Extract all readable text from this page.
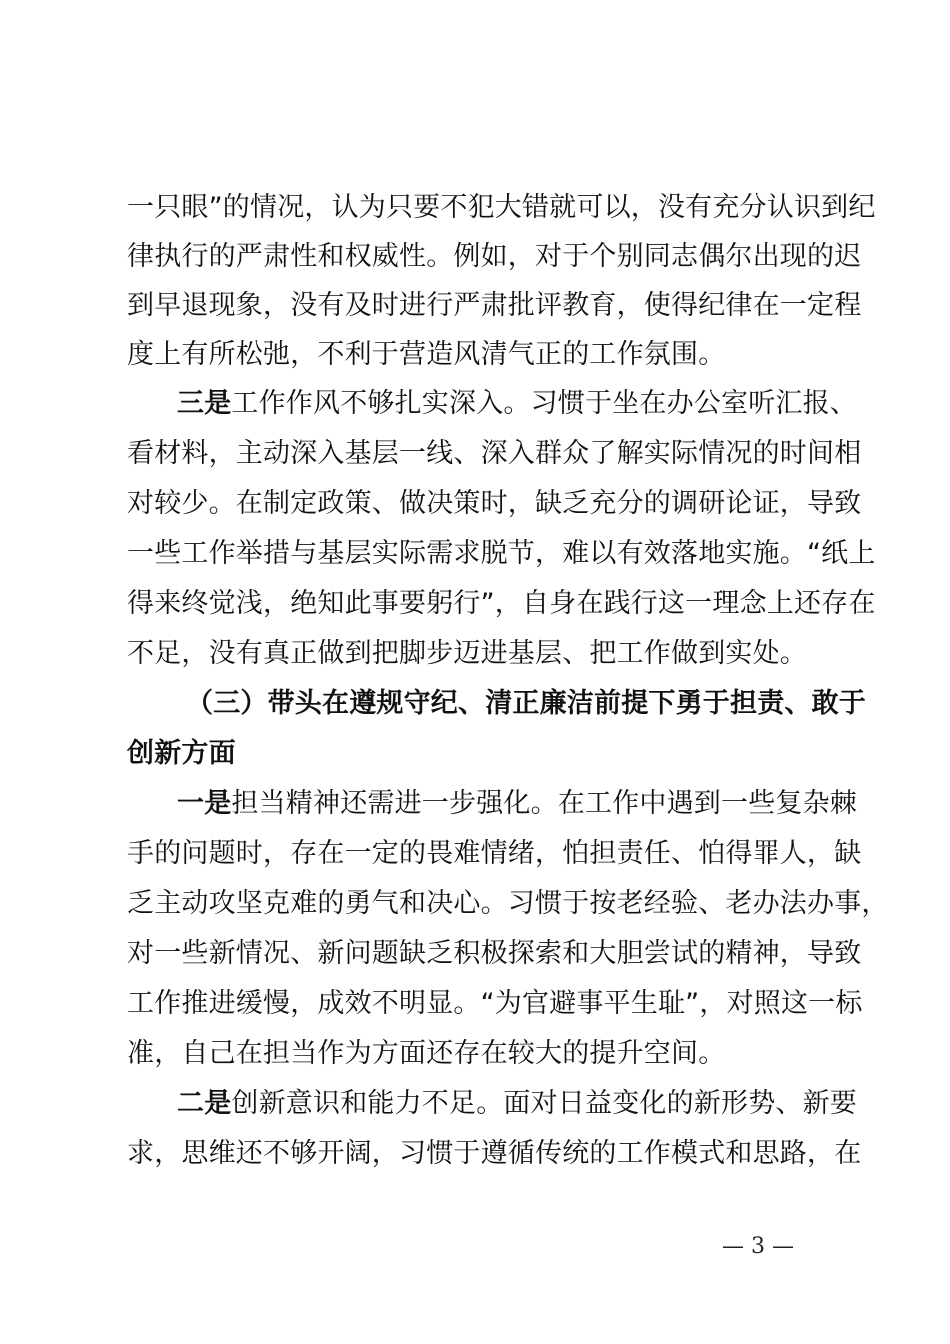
一只眼”的情况，认为只要不犯大错就可以，没有充分认识到纪
律执行的严肃性和权威性。例如，对于个别同志偶尔出现的迟
到早退现象，没有及时进行严肃批评教育，使得纪律在一定程
度上有所松弛，不利于营造风清气正的工作氛围。
三是工作作风不够扎实深入。习惯于坐在办公室听汇报、
看材料，主动深入基层一线、深入群众了解实际情况的时间相
对较少。在制定政策、做决策时，缺乏充分的调研论证，导致
一些工作举措与基层实际需求脱节，难以有效落地实施。“纸上
得来终觉浅，绝知此事要躬行”，自身在践行这一理念上还存在
不足，没有真正做到把脚步迈进基层、把工作做到实处。
（三）带头在遵规守纪、清正廉洁前提下勇于担责、敢于
创新方面
一是担当精神还需进一步强化。在工作中遇到一些复杂棘
手的问题时，存在一定的畏难情绪，怕担责任、怕得罪人，缺
乏主动攻坚克难的勇气和决心。习惯于按老经验、老办法办事，
对一些新情况、新问题缺乏积极探索和大胆尝试的精神，导致
工作推进缓慢，成效不明显。“为官避事平生耻”，对照这一标
准，自己在担当作为方面还存在较大的提升空间。
二是创新意识和能力不足。面对日益变化的新形势、新要
求，思维还不够开阔，习惯于遵循传统的工作模式和思路，在
— 3 —
